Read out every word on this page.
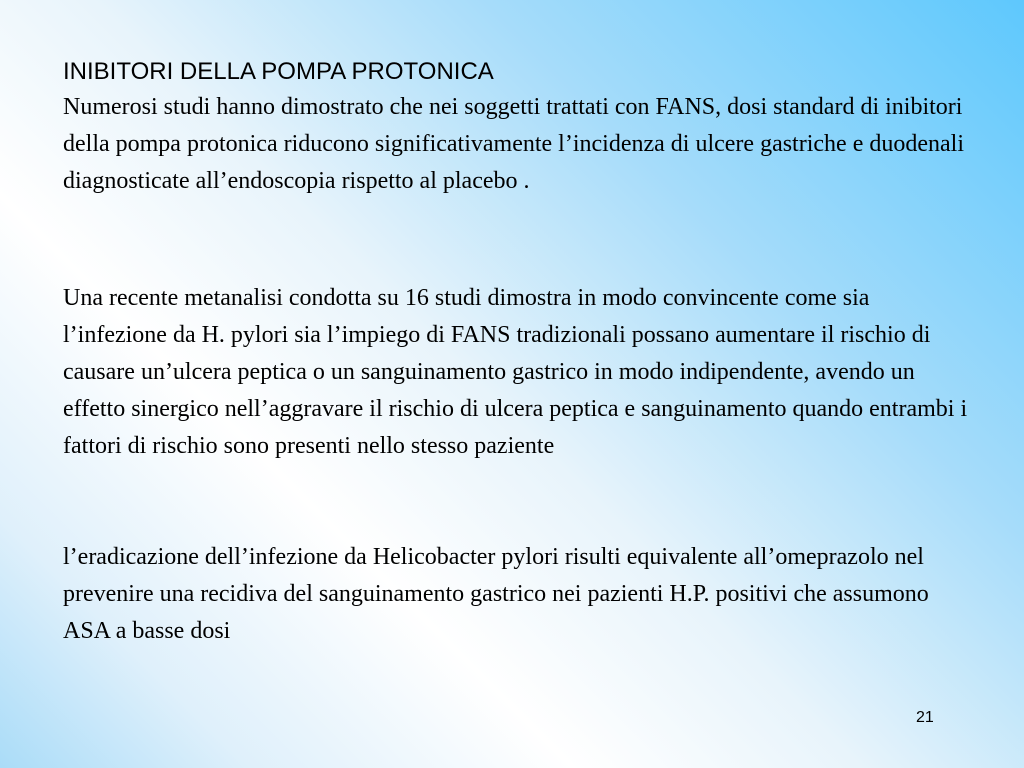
INIBITORI DELLA POMPA PROTONICA

Numerosi studi hanno dimostrato che nei soggetti trattati con FANS, dosi standard di inibitori della pompa protonica riducono significativamente l’incidenza di ulcere gastriche e duodenali diagnosticate all’endoscopia rispetto al placebo .

Una recente metanalisi condotta su 16 studi dimostra in modo convincente come sia l’infezione da H. pylori sia l’impiego di FANS tradizionali possano aumentare il rischio di causare un’ulcera peptica o un sanguinamento gastrico in modo indipendente, avendo un effetto sinergico nell’aggravare il rischio di ulcera peptica e sanguinamento quando entrambi i fattori di rischio sono presenti nello stesso paziente

l’eradicazione dell’infezione da Helicobacter pylori risulti equivalente all’omeprazolo nel prevenire una recidiva del sanguinamento gastrico nei pazienti H.P. positivi che assumono ASA a basse dosi

21
